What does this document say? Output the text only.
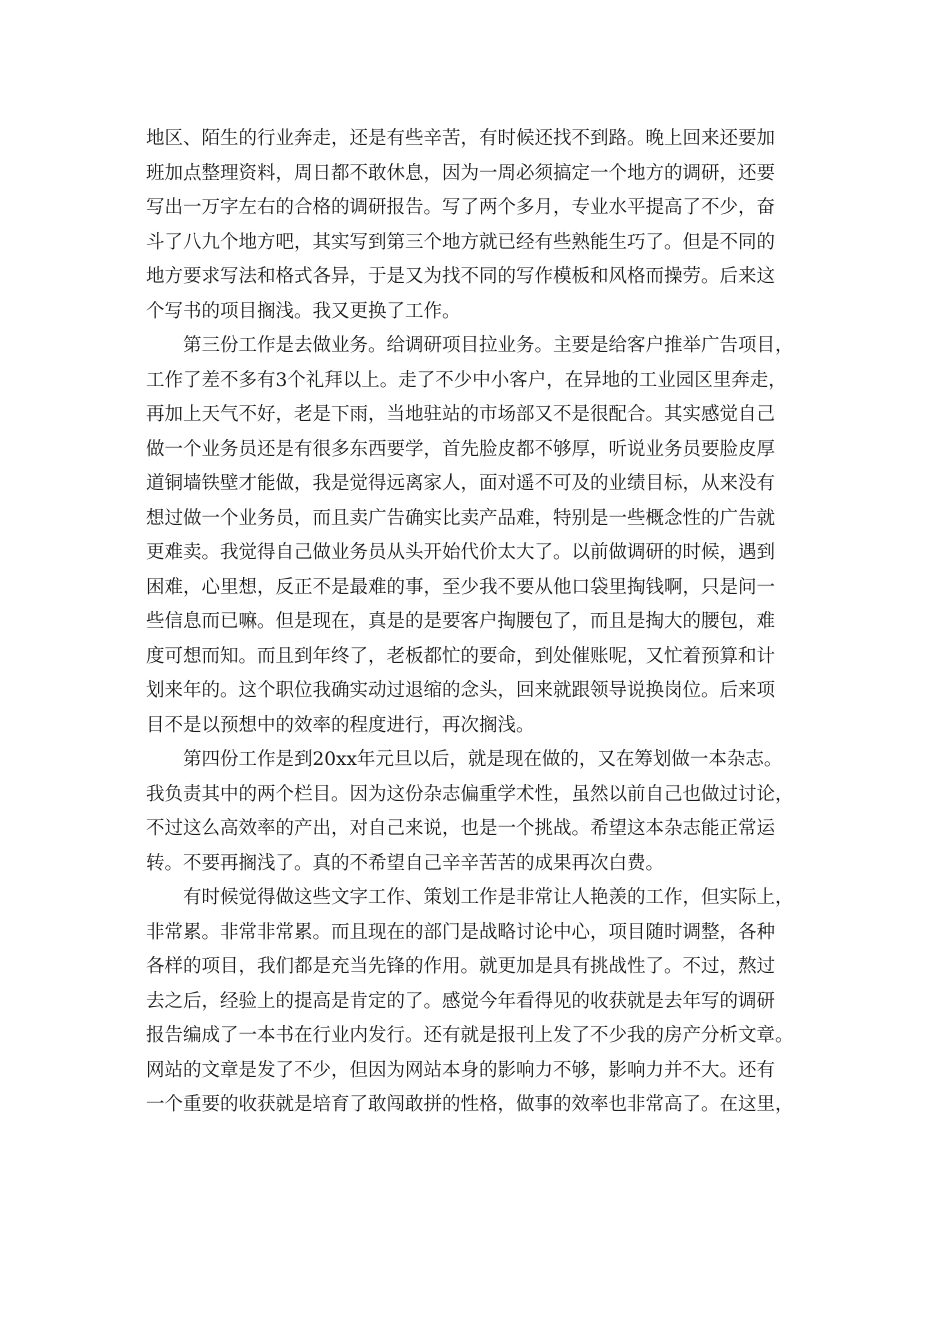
地区、陌生的行业奔走，还是有些辛苦，有时候还找不到路。晚上回来还要加
班加点整理资料，周日都不敢休息，因为一周必须搞定一个地方的调研，还要
写出一万字左右的合格的调研报告。写了两个多月，专业水平提高了不少，奋
斗了八九个地方吧，其实写到第三个地方就已经有些熟能生巧了。但是不同的
地方要求写法和格式各异，于是又为找不同的写作模板和风格而操劳。后来这
个写书的项目搁浅。我又更换了工作。
　　第三份工作是去做业务。给调研项目拉业务。主要是给客户推举广告项目，
工作了差不多有3个礼拜以上。走了不少中小客户，在异地的工业园区里奔走，
再加上天气不好，老是下雨，当地驻站的市场部又不是很配合。其实感觉自己
做一个业务员还是有很多东西要学，首先脸皮都不够厚，听说业务员要脸皮厚
道铜墙铁壁才能做，我是觉得远离家人，面对遥不可及的业绩目标，从来没有
想过做一个业务员，而且卖广告确实比卖产品难，特别是一些概念性的广告就
更难卖。我觉得自己做业务员从头开始代价太大了。以前做调研的时候，遇到
困难，心里想，反正不是最难的事，至少我不要从他口袋里掏钱啊，只是问一
些信息而已嘛。但是现在，真是的是要客户掏腰包了，而且是掏大的腰包，难
度可想而知。而且到年终了，老板都忙的要命，到处催账呢，又忙着预算和计
划来年的。这个职位我确实动过退缩的念头，回来就跟领导说换岗位。后来项
目不是以预想中的效率的程度进行，再次搁浅。
　　第四份工作是到20xx年元旦以后，就是现在做的，又在筹划做一本杂志。
我负责其中的两个栏目。因为这份杂志偏重学术性，虽然以前自己也做过讨论，
不过这么高效率的产出，对自己来说，也是一个挑战。希望这本杂志能正常运
转。不要再搁浅了。真的不希望自己辛辛苦苦的成果再次白费。
　　有时候觉得做这些文字工作、策划工作是非常让人艳羡的工作，但实际上，
非常累。非常非常累。而且现在的部门是战略讨论中心，项目随时调整，各种
各样的项目，我们都是充当先锋的作用。就更加是具有挑战性了。不过，熬过
去之后，经验上的提高是肯定的了。感觉今年看得见的收获就是去年写的调研
报告编成了一本书在行业内发行。还有就是报刊上发了不少我的房产分析文章。
网站的文章是发了不少，但因为网站本身的影响力不够，影响力并不大。还有
一个重要的收获就是培育了敢闯敢拼的性格，做事的效率也非常高了。在这里，
